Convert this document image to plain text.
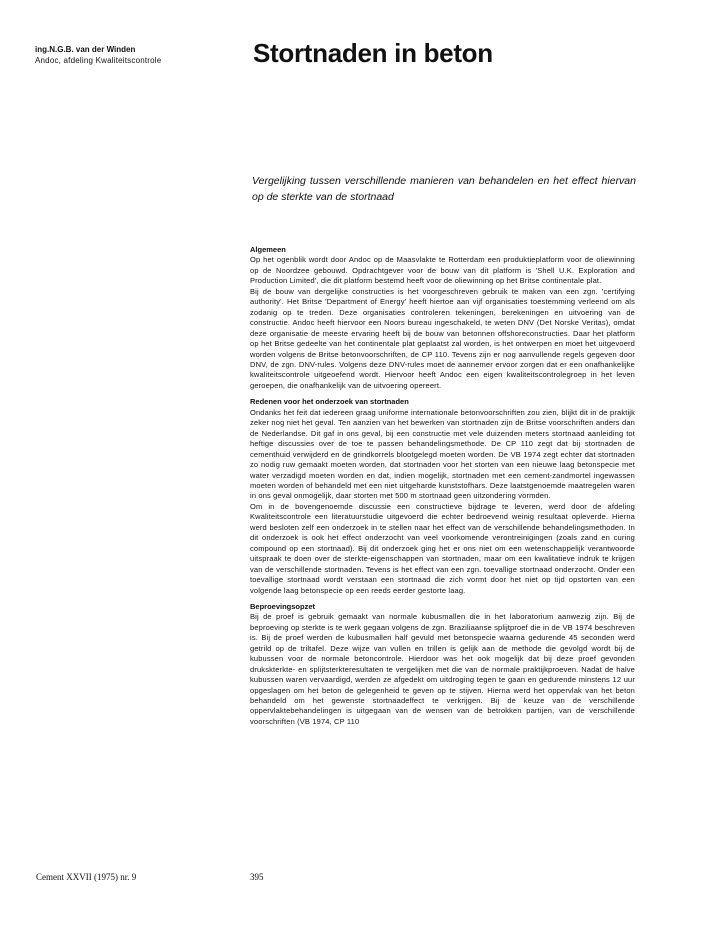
ing.N.G.B. van der Winden
Andoc, afdeling Kwaliteitscontrole	Stortnaden in beton

Vergelijking tussen verschillende manieren van behandelen en het effect hiervan op de sterkte van de stortnaad

Algemeen

Op het ogenblik wordt door Andoc op de Maasvlakte te Rotterdam een produktieplatform voor de oliewinning op de Noordzee gebouwd. Opdrachtgever voor de bouw van dit platform is 'Shell U.K. Exploration and Production Limited', die dit platform bestemd heeft voor de oliewinning op het Britse continentale plat.

Bij de bouw van dergelijke constructies is het voorgeschreven gebruik te maken van een zgn. 'certifying authority'. Het Britse 'Department of Energy' heeft hiertoe aan vijf organisaties toestemming verleend om als zodanig op te treden. Deze organisaties controleren tekeningen, berekeningen en uitvoering van de constructie. Andoc heeft hiervoor een Noors bureau ingeschakeld, te weten DNV (Det Norske Veritas), omdat deze organisatie de meeste ervaring heeft bij de bouw van betonnen offshoreconstructies. Daar het platform op het Britse gedeelte van het continentale plat geplaatst zal worden, is het ontwerpen en moet het uitgevoerd worden volgens de Britse betonvoorschriften, de CP 110. Tevens zijn er nog aanvullende regels gegeven door DNV, de zgn. DNV-rules. Volgens deze DNV-rules moet de aannemer ervoor zorgen dat er een onafhankelijke kwaliteitscontrole uitgeoefend wordt. Hiervoor heeft Andoc een eigen kwaliteitscontrolegroep in het leven geroepen, die onafhankelijk van de uitvoering opereert.

Redenen voor het onderzoek van stortnaden

Ondanks het feit dat iedereen graag uniforme internationale betonvoorschriften zou zien, blijkt dit in de praktijk zeker nog niet het geval. Ten aanzien van het bewerken van stortnaden zijn de Britse voorschriften anders dan de Nederlandse. Dit gaf in ons geval, bij een constructie met vele duizenden meters stortnaad aanleiding tot heftige discussies over de toe te passen behandelingsmethode. De CP 110 zegt dat bij stortnaden de cementhuid verwijderd en de grindkorrels blootgelegd moeten worden. De VB 1974 zegt echter dat stortnaden zo nodig ruw gemaakt moeten worden, dat stortnaden voor het storten van een nieuwe laag betonspecie met water verzadigd moeten worden en dat, indien mogelijk, stortnaden met een cement-zandmortel ingewassen moeten worden of behandeld met een niet uitgeharde kunststofhars. Deze laatstgenoemde maatregelen waren in ons geval onmogelijk, daar storten met 500 m stortnaad geen uitzondering vormden.

Om in de bovengenoemde discussie een constructieve bijdrage te leveren, werd door de afdeling Kwaliteitscontrole een literatuurstudie uitgevoerd die echter bedroevend weinig resultaat opleverde. Hierna werd besloten zelf een onderzoek in te stellen naar het effect van de verschillende behandelingsmethoden. In dit onderzoek is ook het effect onderzocht van veel voorkomende verontreinigingen (zoals zand en curing compound op een stortnaad). Bij dit onderzoek ging het er ons niet om een wetenschappelijk verantwoorde uitspraak te doen over de sterkte-eigenschappen van stortnaden, maar om een kwalitatieve indruk te krijgen van de verschillende stortnaden. Tevens is het effect van een zgn. toevallige stortnaad onderzocht. Onder een toevallige stortnaad wordt verstaan een stortnaad die zich vormt door het niet op tijd opstorten van een volgende laag betonspecie op een reeds eerder gestorte laag.

Beproevingsopzet

Bij de proef is gebruik gemaakt van normale kubusmallen die in het laboratorium aanwezig zijn. Bij de beproeving op sterkte is te werk gegaan volgens de zgn. Braziliaanse splijtproef die in de VB 1974 beschreven is. Bij de proef werden de kubusmallen half gevuld met betonspecie waarna gedurende 45 seconden werd getrild op de triltafel. Deze wijze van vullen en trillen is gelijk aan de methode die gevolgd wordt bij de kubussen voor de normale betoncontrole. Hierdoor was het ook mogelijk dat bij deze proef gevonden drukskterkte- en splijtsterkteresultaten te vergelijken met die van de normale praktijkproeven. Nadat de halve kubussen waren vervaardigd, werden ze afgedekt om uitdroging tegen te gaan en gedurende minstens 12 uur opgeslagen om het beton de gelegenheid te geven op te stijven. Hierna werd het oppervlak van het beton behandeld om het gewenste stortnaadeffect te verkrijgen. Bij de keuze van de verschillende oppervlaktebehandelingen is uitgegaan van de wensen van de betrokken partijen, van de verschillende voorschriften (VB 1974, CP 110

Cement XXVII (1975) nr. 9	395
